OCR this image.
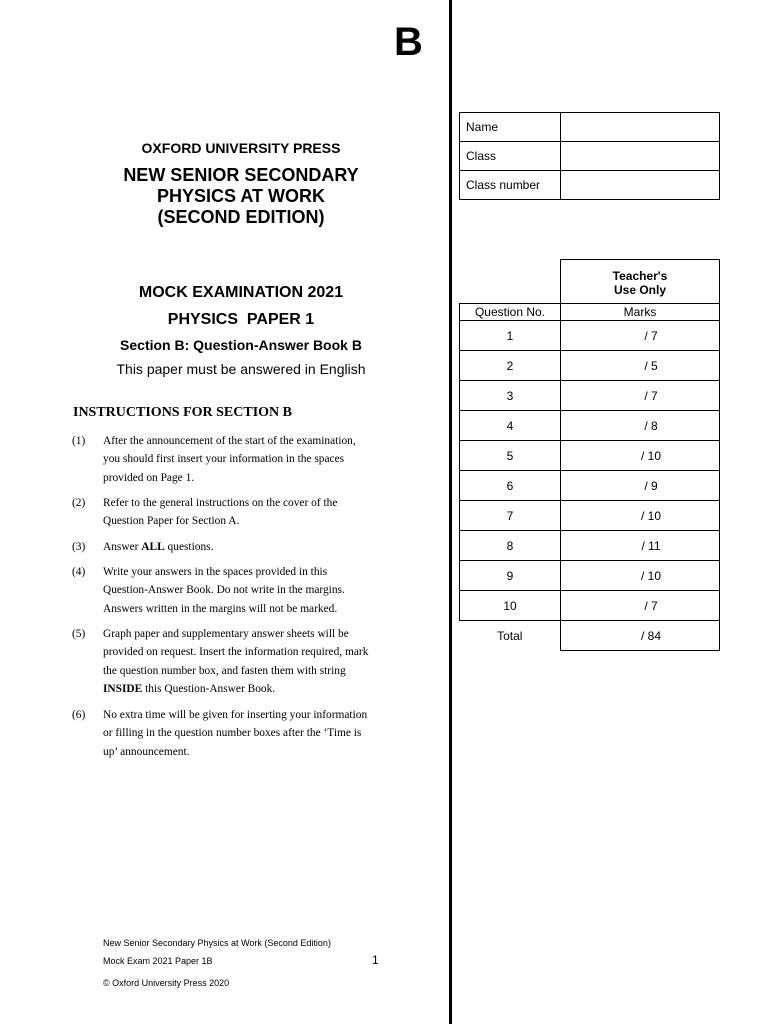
B
OXFORD UNIVERSITY PRESS
NEW SENIOR SECONDARY
PHYSICS AT WORK
(SECOND EDITION)
MOCK EXAMINATION 2021
PHYSICS  PAPER 1
Section B: Question-Answer Book B
This paper must be answered in English
INSTRUCTIONS FOR SECTION B
(1) After the announcement of the start of the examination,
you should first insert your information in the spaces
provided on Page 1.
(2) Refer to the general instructions on the cover of the
Question Paper for Section A.
(3) Answer ALL questions.
(4) Write your answers in the spaces provided in this
Question-Answer Book. Do not write in the margins.
Answers written in the margins will not be marked.
(5) Graph paper and supplementary answer sheets will be
provided on request. Insert the information required, mark
the question number box, and fasten them with string
INSIDE this Question-Answer Book.
(6) No extra time will be given for inserting your information
or filling in the question number boxes after the ‘Time is
up’ announcement.
Name	
Class	
Class number	

	Teacher's
Use Only

Question No.	Marks
1	/ 7
2	/ 5
3	/ 7
4	/ 8
5	/ 10
6	/ 9
7	/ 10
8	/ 11
9	/ 10
10	/ 7
Total	/ 84
New Senior Secondary Physics at Work (Second Edition)
Mock Exam 2021 Paper 1B	1
© Oxford University Press 2020
